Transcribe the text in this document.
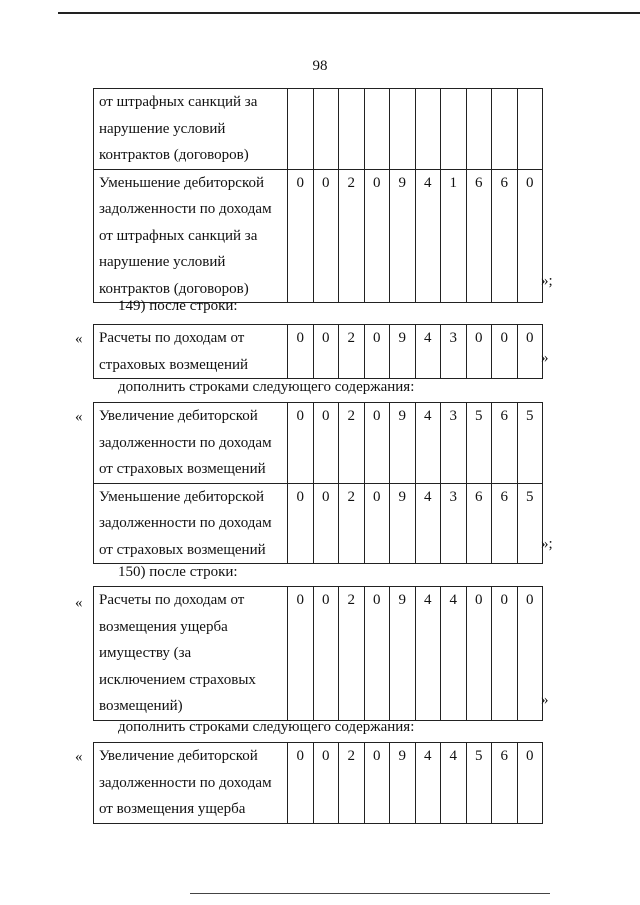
98
от штрафных санкций за
нарушение условий
контрактов (договоров)										

Уменьшение дебиторской
задолженности по доходам
от штрафных санкций за
нарушение условий
контрактов (договоров)	0	0	2	0	9	4	1	6	6	0
»;
149) после строки:
« Расчеты по доходам от
страховых возмещений
	0	0	2	0	9	4	3	0	0	0
»
дополнить строками следующего содержания:
« Увеличение дебиторской
задолженности по доходам
от страховых возмещений	0	0	2	0	9	4	3	5	6	5

Уменьшение дебиторской
задолженности по доходам
от страховых возмещений	0	0	2	0	9	4	3	6	6	5
»;
150) после строки:
« Расчеты по доходам от
возмещения ущерба
имуществу (за
исключением страховых
возмещений)
	0	0	2	0	9	4	4	0	0	0
»
дополнить строками следующего содержания:
« Увеличение дебиторской
задолженности по доходам
от возмещения ущерба
	0	0	2	0	9	4	4	5	6	0
